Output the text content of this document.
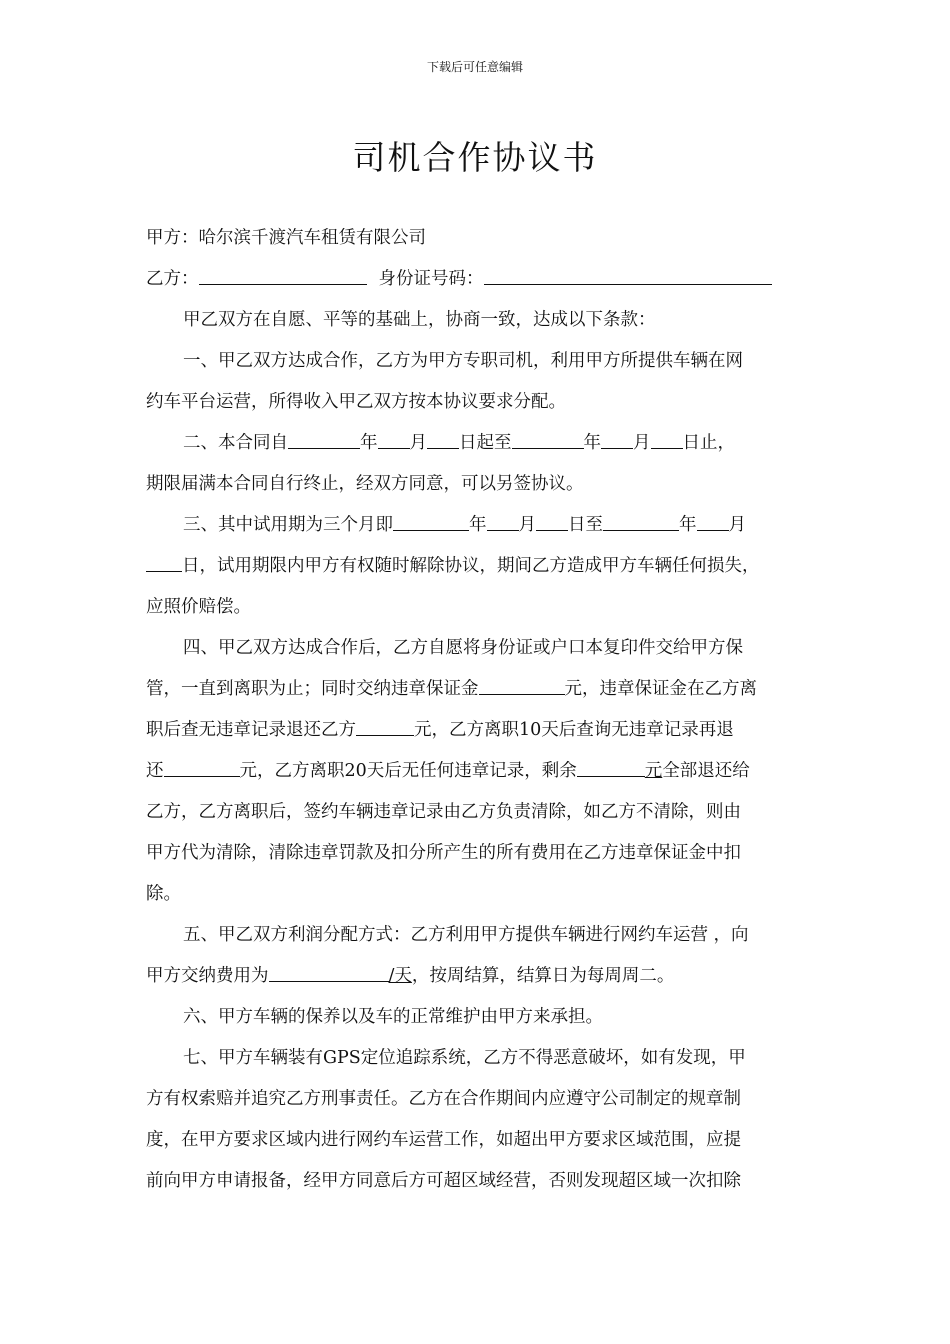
下载后可任意编辑
司机合作协议书
甲方：哈尔滨千渡汽车租赁有限公司
乙方：	身份证号码：
甲乙双方在自愿、平等的基础上，协商一致，达成以下条款：
一、甲乙双方达成合作，乙方为甲方专职司机，利用甲方所提供车辆在网
约车平台运营，所得收入甲乙双方按本协议要求分配。
二、本合同自	年 月 日起至	年 月 日止，
期限届满本合同自行终止，经双方同意，可以另签协议。
三、其中试用期为三个月即	年 月 日至	年 月
日，试用期限内甲方有权随时解除协议，期间乙方造成甲方车辆任何损失，
应照价赔偿。
四、甲乙双方达成合作后，乙方自愿将身份证或户口本复印件交给甲方保
管，一直到离职为止；同时交纳违章保证金	元，违章保证金在乙方离
职后查无违章记录退还乙方	元，乙方离职10天后查询无违章记录再退
还	元，乙方离职20天后无任何违章记录，剩余	元全部退还给
乙方，乙方离职后，签约车辆违章记录由乙方负责清除，如乙方不清除，则由
甲方代为清除，清除违章罚款及扣分所产生的所有费用在乙方违章保证金中扣
除。
五、甲乙双方利润分配方式：乙方利用甲方提供车辆进行网约车运营 ，向
甲方交纳费用为	/天，按周结算，结算日为每周周二。
六、甲方车辆的保养以及车的正常维护由甲方来承担。
七、甲方车辆装有GPS定位追踪系统，乙方不得恶意破坏，如有发现，甲
方有权索赔并追究乙方刑事责任。乙方在合作期间内应遵守公司制定的规章制
度，在甲方要求区域内进行网约车运营工作，如超出甲方要求区域范围，应提
前向甲方申请报备，经甲方同意后方可超区域经营，否则发现超区域一次扣除
